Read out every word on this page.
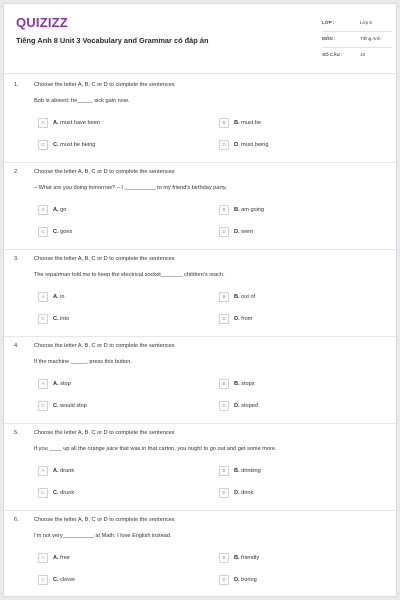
QUIZIZZ
Tiếng Anh 8 Unit 3 Vocabulary and Grammar có đáp án
LỚP :	Lớp 8
MÔN :	Tiếng Anh
SỐ CÂU :	15
1.	Choose the letter A, B, C or D to complete the sentences
Bob is absent; he_____ sick gain now.
A	A. must have been	B	B. must be
C	C. must be being	D	D. must being
2.	Choose the letter A, B, C or D to complete the sentences
– What are you doing tomorrow? – I __________ to my friend's birthday party.
A	A. go	B	B. am going
C	C. goes	D	D. went
3.	Choose the letter A, B, C or D to complete the sentences
The repairman told me to keep the electrical socket_______ children's reach.
A	A. in	B	B. out of
C	C. into	D	D. from
4.	Choose the letter A, B, C or D to complete the sentences
If the machine _____, press this button.
A	A. stop	B	B. stops
C	C. would stop	D	D. stoped
5.	Choose the letter A, B, C or D to complete the sentences
If you ____ up all the orange juice that was in that carton, you ought to go out and get some more.
A	A. drank	B	B. drinking
C	C. drunk	D	D. drink
6.	Choose the letter A, B, C or D to complete the sentences
I'm not very__________ at Math. I love English instead.
A	A. free	B	B. friendly
C	C. clever	D	D. boring
